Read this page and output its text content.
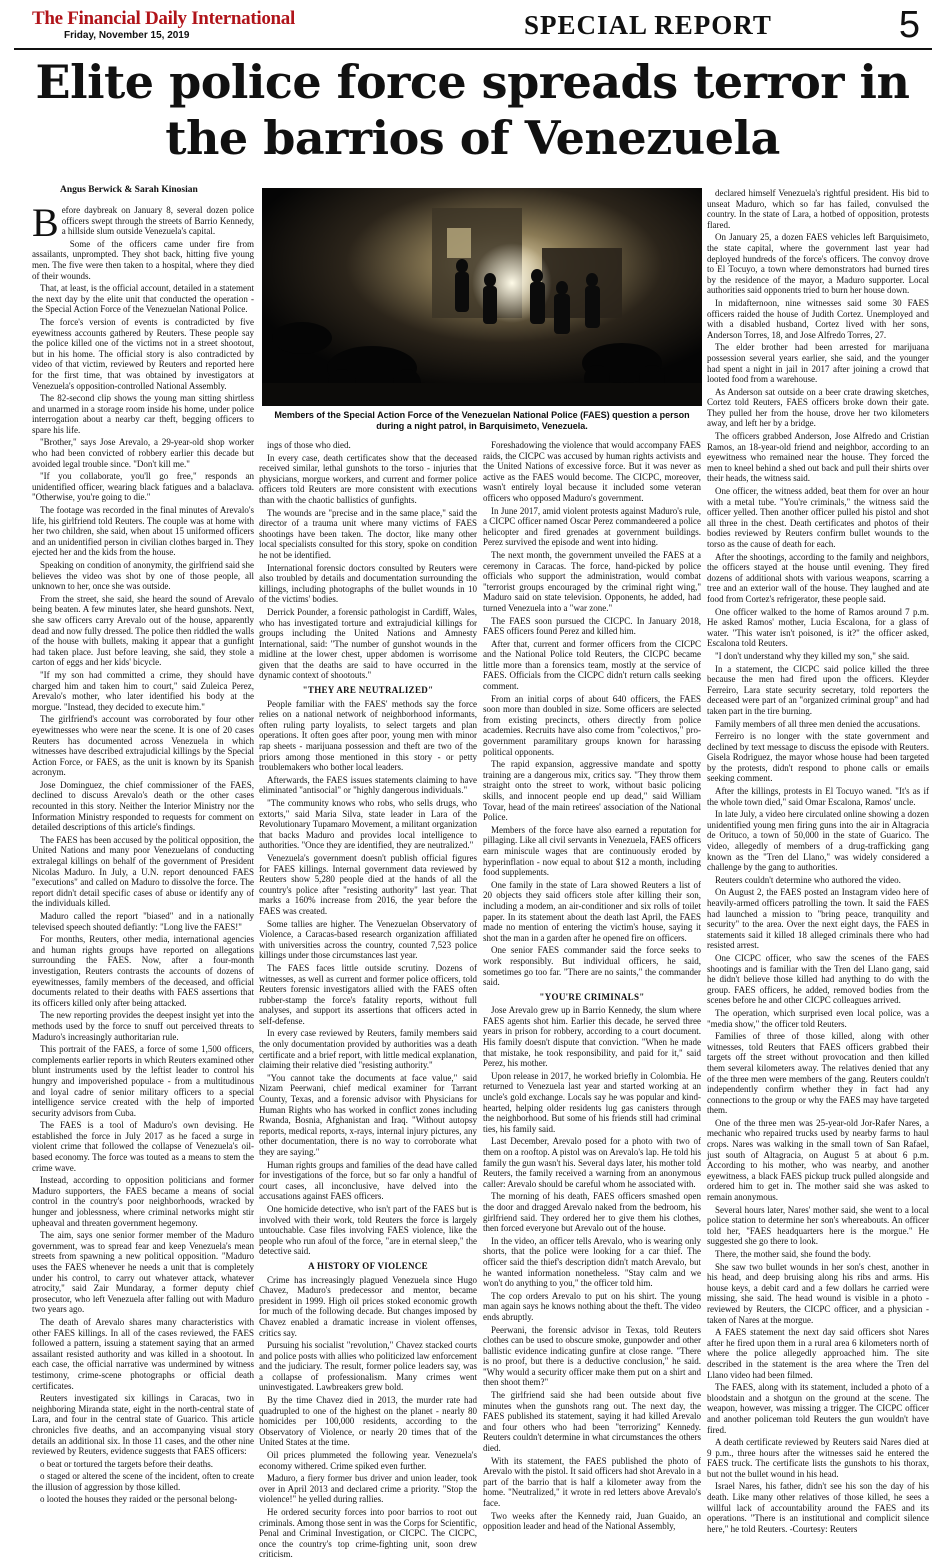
The Financial Daily International
Friday, November 15, 2019	SPECIAL REPORT	5
Elite police force spreads terror in
the barrios of Venezuela
Angus Berwick & Sarah Kinosian

Before daybreak on January 8, several dozen police officers swept through the streets of Barrio Kennedy, a hillside slum outside Venezuela's capital.

Some of the officers came under fire from assailants, unprompted. They shot back, hitting five young men. The five were then taken to a hospital, where they died of their wounds.

That, at least, is the official account, detailed in a statement the next day by the elite unit that conducted the operation - the Special Action Force of the Venezuelan National Police.

The force's version of events is contradicted by five eyewitness accounts gathered by Reuters. These people say the police killed one of the victims not in a street shootout, but in his home. The official story is also contradicted by video of that victim, reviewed by Reuters and reported here for the first time, that was obtained by investigators at Venezuela's opposition-controlled National Assembly.

The 82-second clip shows the young man sitting shirtless and unarmed in a storage room inside his home, under police interrogation about a nearby car theft, begging officers to spare his life.

"Brother," says Jose Arevalo, a 29-year-old shop worker who had been convicted of robbery earlier this decade but avoided legal trouble since. "Don't kill me."

"If you collaborate, you'll go free," responds an unidentified officer, wearing black fatigues and a balaclava. "Otherwise, you're going to die."

The footage was recorded in the final minutes of Arevalo's life, his girlfriend told Reuters. The couple was at home with her two children, she said, when about 15 uniformed officers and an unidentified person in civilian clothes barged in. They ejected her and the kids from the house.

Speaking on condition of anonymity, the girlfriend said she believes the video was shot by one of those people, all unknown to her, once she was outside.

From the street, she said, she heard the sound of Arevalo being beaten. A few minutes later, she heard gunshots. Next, she saw officers carry Arevalo out of the house, apparently dead and now fully dressed. The police then riddled the walls of the house with bullets, making it appear that a gunfight had taken place. Just before leaving, she said, they stole a carton of eggs and her kids' bicycle.

"If my son had committed a crime, they should have charged him and taken him to court," said Zuleica Perez, Arevalo's mother, who later identified his body at the morgue. "Instead, they decided to execute him."

The girlfriend's account was corroborated by four other eyewitnesses who were near the scene. It is one of 20 cases Reuters has documented across Venezuela in which witnesses have described extrajudicial killings by the Special Action Force, or FAES, as the unit is known by its Spanish acronym.

Jose Dominguez, the chief commissioner of the FAES, declined to discuss Arevalo's death or the other cases recounted in this story. Neither the Interior Ministry nor the Information Ministry responded to requests for comment on detailed descriptions of this article's findings.

The FAES has been accused by the political opposition, the United Nations and many poor Venezuelans of conducting extralegal killings on behalf of the government of President Nicolas Maduro. In July, a U.N. report denounced FAES "executions" and called on Maduro to dissolve the force. The report didn't detail specific cases of abuse or identify any of the individuals killed.

Maduro called the report "biased" and in a nationally televised speech shouted defiantly: "Long live the FAES!"

For months, Reuters, other media, international agencies and human rights groups have reported on allegations surrounding the FAES. Now, after a four-month investigation, Reuters contrasts the accounts of dozens of eyewitnesses, family members of the deceased, and official documents related to their deaths with FAES assertions that its officers killed only after being attacked.

The new reporting provides the deepest insight yet into the methods used by the force to snuff out perceived threats to Maduro's increasingly authoritarian rule.

This portrait of the FAES, a force of some 1,500 officers, complements earlier reports in which Reuters examined other blunt instruments used by the leftist leader to control his hungry and impoverished populace - from a multitudinous and loyal cadre of senior military officers to a special intelligence service created with the help of imported security advisors from Cuba.

The FAES is a tool of Maduro's own devising. He established the force in July 2017 as he faced a surge in violent crime that followed the collapse of Venezuela's oil-based economy. The force was touted as a means to stem the crime wave.

Instead, according to opposition politicians and former Maduro supporters, the FAES became a means of social control in the country's poor neighborhoods, wracked by hunger and joblessness, where criminal networks might stir upheaval and threaten government hegemony.

The aim, says one senior former member of the Maduro government, was to spread fear and keep Venezuela's mean streets from spawning a new political opposition. "Maduro uses the FAES whenever he needs a unit that is completely under his control, to carry out whatever attack, whatever atrocity," said Zair Mundaray, a former deputy chief prosecutor, who left Venezuela after falling out with Maduro two years ago.

The death of Arevalo shares many characteristics with other FAES killings. In all of the cases reviewed, the FAES followed a pattern, issuing a statement saying that an armed assailant resisted authority and was killed in a shootout. In each case, the official narrative was undermined by witness testimony, crime-scene photographs or official death certificates.

Reuters investigated six killings in Caracas, two in neighboring Miranda state, eight in the north-central state of Lara, and four in the central state of Guarico. This article chronicles five deaths, and an accompanying visual story details an additional six. In those 11 cases, and the other nine reviewed by Reuters, evidence suggests that FAES officers:

o beat or tortured the targets before their deaths.

o staged or altered the scene of the incident, often to create the illusion of aggression by those killed.

o looted the houses they raided or the personal belong-

Members of the Special Action Force of the Venezuelan National Police (FAES) question a person during a night patrol, in Barquisimeto, Venezuela.

ings of those who died.

In every case, death certificates show that the deceased received similar, lethal gunshots to the torso - injuries that physicians, morgue workers, and current and former police officers told Reuters are more consistent with executions than with the chaotic ballistics of gunfights.

The wounds are "precise and in the same place," said the director of a trauma unit where many victims of FAES shootings have been taken. The doctor, like many other local specialists consulted for this story, spoke on condition he not be identified.

International forensic doctors consulted by Reuters were also troubled by details and documentation surrounding the killings, including photographs of the bullet wounds in 10 of the victims' bodies.

Derrick Pounder, a forensic pathologist in Cardiff, Wales, who has investigated torture and extrajudicial killings for groups including the United Nations and Amnesty International, said: "The number of gunshot wounds in the midline at the lower chest, upper abdomen is worrisome given that the deaths are said to have occurred in the dynamic context of shootouts."

"THEY ARE NEUTRALIZED"

People familiar with the FAES' methods say the force relies on a national network of neighborhood informants, often ruling party loyalists, to select targets and plan operations. It often goes after poor, young men with minor rap sheets - marijuana possession and theft are two of the priors among those mentioned in this story - or petty troublemakers who bother local leaders.

Afterwards, the FAES issues statements claiming to have eliminated "antisocial" or "highly dangerous individuals."

"The community knows who robs, who sells drugs, who extorts," said Maria Silva, state leader in Lara of the Revolutionary Tupamaro Movement, a militant organization that backs Maduro and provides local intelligence to authorities. "Once they are identified, they are neutralized."

Venezuela's government doesn't publish official figures for FAES killings. Internal government data reviewed by Reuters show 5,280 people died at the hands of all the country's police after "resisting authority" last year. That marks a 160% increase from 2016, the year before the FAES was created.

Some tallies are higher. The Venezuelan Observatory of Violence, a Caracas-based research organization affiliated with universities across the country, counted 7,523 police killings under those circumstances last year.

The FAES faces little outside scrutiny. Dozens of witnesses, as well as current and former police officers, told Reuters forensic investigators allied with the FAES often rubber-stamp the force's fatality reports, without full analyses, and support its assertions that officers acted in self-defense.

In every case reviewed by Reuters, family members said the only documentation provided by authorities was a death certificate and a brief report, with little medical explanation, claiming their relative died "resisting authority."

"You cannot take the documents at face value," said Nizam Peerwani, chief medical examiner for Tarrant County, Texas, and a forensic advisor with Physicians for Human Rights who has worked in conflict zones including Rwanda, Bosnia, Afghanistan and Iraq. "Without autopsy reports, medical reports, x-rays, internal injury pictures, any other documentation, there is no way to corroborate what they are saying."

Human rights groups and families of the dead have called for investigations of the force, but so far only a handful of court cases, all inconclusive, have delved into the accusations against FAES officers.

One homicide detective, who isn't part of the FAES but is involved with their work, told Reuters the force is largely untouchable. Case files involving FAES violence, like the people who run afoul of the force, "are in eternal sleep," the detective said.

A HISTORY OF VIOLENCE

Crime has increasingly plagued Venezuela since Hugo Chavez, Maduro's predecessor and mentor, became president in 1999. High oil prices stoked economic growth for much of the following decade. But changes imposed by Chavez enabled a dramatic increase in violent offenses, critics say.

Pursuing his socialist "revolution," Chavez stacked courts and police posts with allies who politicized law enforcement and the judiciary. The result, former police leaders say, was a collapse of professionalism. Many crimes went uninvestigated. Lawbreakers grew bold.

By the time Chavez died in 2013, the murder rate had quadrupled to one of the highest on the planet - nearly 80 homicides per 100,000 residents, according to the Observatory of Violence, or nearly 20 times that of the United States at the time.

Oil prices plummeted the following year. Venezuela's economy withered. Crime spiked even further.

Maduro, a fiery former bus driver and union leader, took over in April 2013 and declared crime a priority. "Stop the violence!" he yelled during rallies.

He ordered security forces into poor barrios to root out criminals. Among those sent in was the Corps for Scientific, Penal and Criminal Investigation, or CICPC. The CICPC, once the country's top crime-fighting unit, soon drew criticism.

Foreshadowing the violence that would accompany FAES raids, the CICPC was accused by human rights activists and the United Nations of excessive force. But it was never as active as the FAES would become. The CICPC, moreover, wasn't entirely loyal because it included some veteran officers who opposed Maduro's government.

In June 2017, amid violent protests against Maduro's rule, a CICPC officer named Oscar Perez commandeered a police helicopter and fired grenades at government buildings. Perez survived the episode and went into hiding.

The next month, the government unveiled the FAES at a ceremony in Caracas. The force, hand-picked by police officials who support the administration, would combat "terrorist groups encouraged by the criminal right wing," Maduro said on state television. Opponents, he added, had turned Venezuela into a "war zone."

The FAES soon pursued the CICPC. In January 2018, FAES officers found Perez and killed him.

After that, current and former officers from the CICPC and the National Police told Reuters, the CICPC became little more than a forensics team, mostly at the service of FAES. Officials from the CICPC didn't return calls seeking comment.

From an initial corps of about 640 officers, the FAES soon more than doubled in size. Some officers are selected from existing precincts, others directly from police academies. Recruits have also come from "colectivos," pro-government paramilitary groups known for harassing political opponents.

The rapid expansion, aggressive mandate and spotty training are a dangerous mix, critics say. "They throw them straight onto the street to work, without basic policing skills, and innocent people end up dead," said William Tovar, head of the main retirees' association of the National Police.

Members of the force have also earned a reputation for pillaging. Like all civil servants in Venezuela, FAES officers earn miniscule wages that are continuously eroded by hyperinflation - now equal to about $12 a month, including food supplements.

One family in the state of Lara showed Reuters a list of 20 objects they said officers stole after killing their son, including a modem, an air-conditioner and six rolls of toilet paper. In its statement about the death last April, the FAES made no mention of entering the victim's house, saying it shot the man in a garden after he opened fire on officers.

One senior FAES commander said the force seeks to work responsibly. But individual officers, he said, sometimes go too far. "There are no saints," the commander said.

"YOU'RE CRIMINALS"

Jose Arevalo grew up in Barrio Kennedy, the slum where FAES agents shot him. Earlier this decade, he served three years in prison for robbery, according to a court document. His family doesn't dispute that conviction. "When he made that mistake, he took responsibility, and paid for it," said Perez, his mother.

Upon release in 2017, he worked briefly in Colombia. He returned to Venezuela last year and started working at an uncle's gold exchange. Locals say he was popular and kind-hearted, helping older residents lug gas canisters through the neighborhood. But some of his friends still had criminal ties, his family said.

Last December, Arevalo posed for a photo with two of them on a rooftop. A pistol was on Arevalo's lap. He told his family the gun wasn't his. Several days later, his mother told Reuters, the family received a warning from an anonymous caller: Arevalo should be careful whom he associated with.

The morning of his death, FAES officers smashed open the door and dragged Arevalo naked from the bedroom, his girlfriend said. They ordered her to give them his clothes, then forced everyone but Arevalo out of the house.

In the video, an officer tells Arevalo, who is wearing only shorts, that the police were looking for a car thief. The officer said the thief's description didn't match Arevalo, but he wanted information nonetheless. "Stay calm and we won't do anything to you," the officer told him.

The cop orders Arevalo to put on his shirt. The young man again says he knows nothing about the theft. The video ends abruptly.

Peerwani, the forensic advisor in Texas, told Reuters clothes can be used to obscure smoke, gunpowder and other ballistic evidence indicating gunfire at close range. "There is no proof, but there is a deductive conclusion," he said. "Why would a security officer make them put on a shirt and then shoot them?"

The girlfriend said she had been outside about five minutes when the gunshots rang out. The next day, the FAES published its statement, saying it had killed Arevalo and four others who had been "terrorizing" Kennedy. Reuters couldn't determine in what circumstances the others died.

With its statement, the FAES published the photo of Arevalo with the pistol. It said officers had shot Arevalo in a part of the barrio that is half a kilometer away from the home. "Neutralized," it wrote in red letters above Arevalo's face.

Two weeks after the Kennedy raid, Juan Guaido, an opposition leader and head of the National Assembly,

declared himself Venezuela's rightful president. His bid to unseat Maduro, which so far has failed, convulsed the country. In the state of Lara, a hotbed of opposition, protests flared.

On January 25, a dozen FAES vehicles left Barquisimeto, the state capital, where the government last year had deployed hundreds of the force's officers. The convoy drove to El Tocuyo, a town where demonstrators had burned tires by the residence of the mayor, a Maduro supporter. Local authorities said opponents tried to burn her house down.

In midafternoon, nine witnesses said some 30 FAES officers raided the house of Judith Cortez. Unemployed and with a disabled husband, Cortez lived with her sons, Anderson Torres, 18, and Jose Alfredo Torres, 27.

The elder brother had been arrested for marijuana possession several years earlier, she said, and the younger had spent a night in jail in 2017 after joining a crowd that looted food from a warehouse.

As Anderson sat outside on a beer crate drawing sketches, Cortez told Reuters, FAES officers broke down their gate. They pulled her from the house, drove her two kilometers away, and left her by a bridge.

The officers grabbed Anderson, Jose Alfredo and Cristian Ramos, an 18-year-old friend and neighbor, according to an eyewitness who remained near the house. They forced the men to kneel behind a shed out back and pull their shirts over their heads, the witness said.

One officer, the witness added, beat them for over an hour with a metal tube. "You're criminals," the witness said the officer yelled. Then another officer pulled his pistol and shot all three in the chest. Death certificates and photos of their bodies reviewed by Reuters confirm bullet wounds to the torso as the cause of death for each.

After the shootings, according to the family and neighbors, the officers stayed at the house until evening. They fired dozens of additional shots with various weapons, scarring a tree and an exterior wall of the house. They laughed and ate food from Cortez's refrigerator, these people said.

One officer walked to the home of Ramos around 7 p.m. He asked Ramos' mother, Lucia Escalona, for a glass of water. "This water isn't poisoned, is it?" the officer asked, Escalona told Reuters.

"I don't understand why they killed my son," she said.

In a statement, the CICPC said police killed the three because the men had fired upon the officers. Kleyder Ferreiro, Lara state security secretary, told reporters the deceased were part of an "organized criminal group" and had taken part in the tire burning.

Family members of all three men denied the accusations.

Ferreiro is no longer with the state government and declined by text message to discuss the episode with Reuters. Gisela Rodriguez, the mayor whose house had been targeted by the protests, didn't respond to phone calls or emails seeking comment.

After the killings, protests in El Tocuyo waned. "It's as if the whole town died," said Omar Escalona, Ramos' uncle.

In late July, a video here circulated online showing a dozen unidentified young men firing guns into the air in Altagracia de Orituco, a town of 50,000 in the state of Guarico. The video, allegedly of members of a drug-trafficking gang known as the "Tren del Llano," was widely considered a challenge by the gang to authorities.

Reuters couldn't determine who authored the video.

On August 2, the FAES posted an Instagram video here of heavily-armed officers patrolling the town. It said the FAES had launched a mission to "bring peace, tranquility and security" to the area. Over the next eight days, the FAES in statements said it killed 18 alleged criminals there who had resisted arrest.

One CICPC officer, who saw the scenes of the FAES shootings and is familiar with the Tren del Llano gang, said he didn't believe those killed had anything to do with the group. FAES officers, he added, removed bodies from the scenes before he and other CICPC colleagues arrived.

The operation, which surprised even local police, was a "media show," the officer told Reuters.

Families of three of those killed, along with other witnesses, told Reuters that FAES officers grabbed their targets off the street without provocation and then killed them several kilometers away. The relatives denied that any of the three men were members of the gang. Reuters couldn't independently confirm whether they in fact had any connections to the group or why the FAES may have targeted them.

One of the three men was 25-year-old Jor-Rafer Nares, a mechanic who repaired trucks used by nearby farms to haul crops. Nares was walking in the small town of San Rafael, just south of Altagracia, on August 5 at about 6 p.m. According to his mother, who was nearby, and another eyewitness, a black FAES pickup truck pulled alongside and ordered him to get in. The mother said she was asked to remain anonymous.

Several hours later, Nares' mother said, she went to a local police station to determine her son's whereabouts. An officer told her, "FAES headquarters here is the morgue." He suggested she go there to look.

There, the mother said, she found the body.

She saw two bullet wounds in her son's chest, another in his head, and deep bruising along his ribs and arms. His house keys, a debit card and a few dollars he carried were missing, she said. The head wound is visible in a photo - reviewed by Reuters, the CICPC officer, and a physician - taken of Nares at the morgue.

A FAES statement the next day said officers shot Nares after he fired upon them in a rural area 6 kilometers north of where the police allegedly approached him. The site described in the statement is the area where the Tren del Llano video had been filmed.

The FAES, along with its statement, included a photo of a bloodstain and a shotgun on the ground at the scene. The weapon, however, was missing a trigger. The CICPC officer and another policeman told Reuters the gun wouldn't have fired.

A death certificate reviewed by Reuters said Nares died at 9 p.m., three hours after the witnesses said he entered the FAES truck. The certificate lists the gunshots to his thorax, but not the bullet wound in his head.

Israel Nares, his father, didn't see his son the day of his death. Like many other relatives of those killed, he sees a willful lack of accountability around the FAES and its operations. "There is an institutional and complicit silence here," he told Reuters. -Courtesy: Reuters
